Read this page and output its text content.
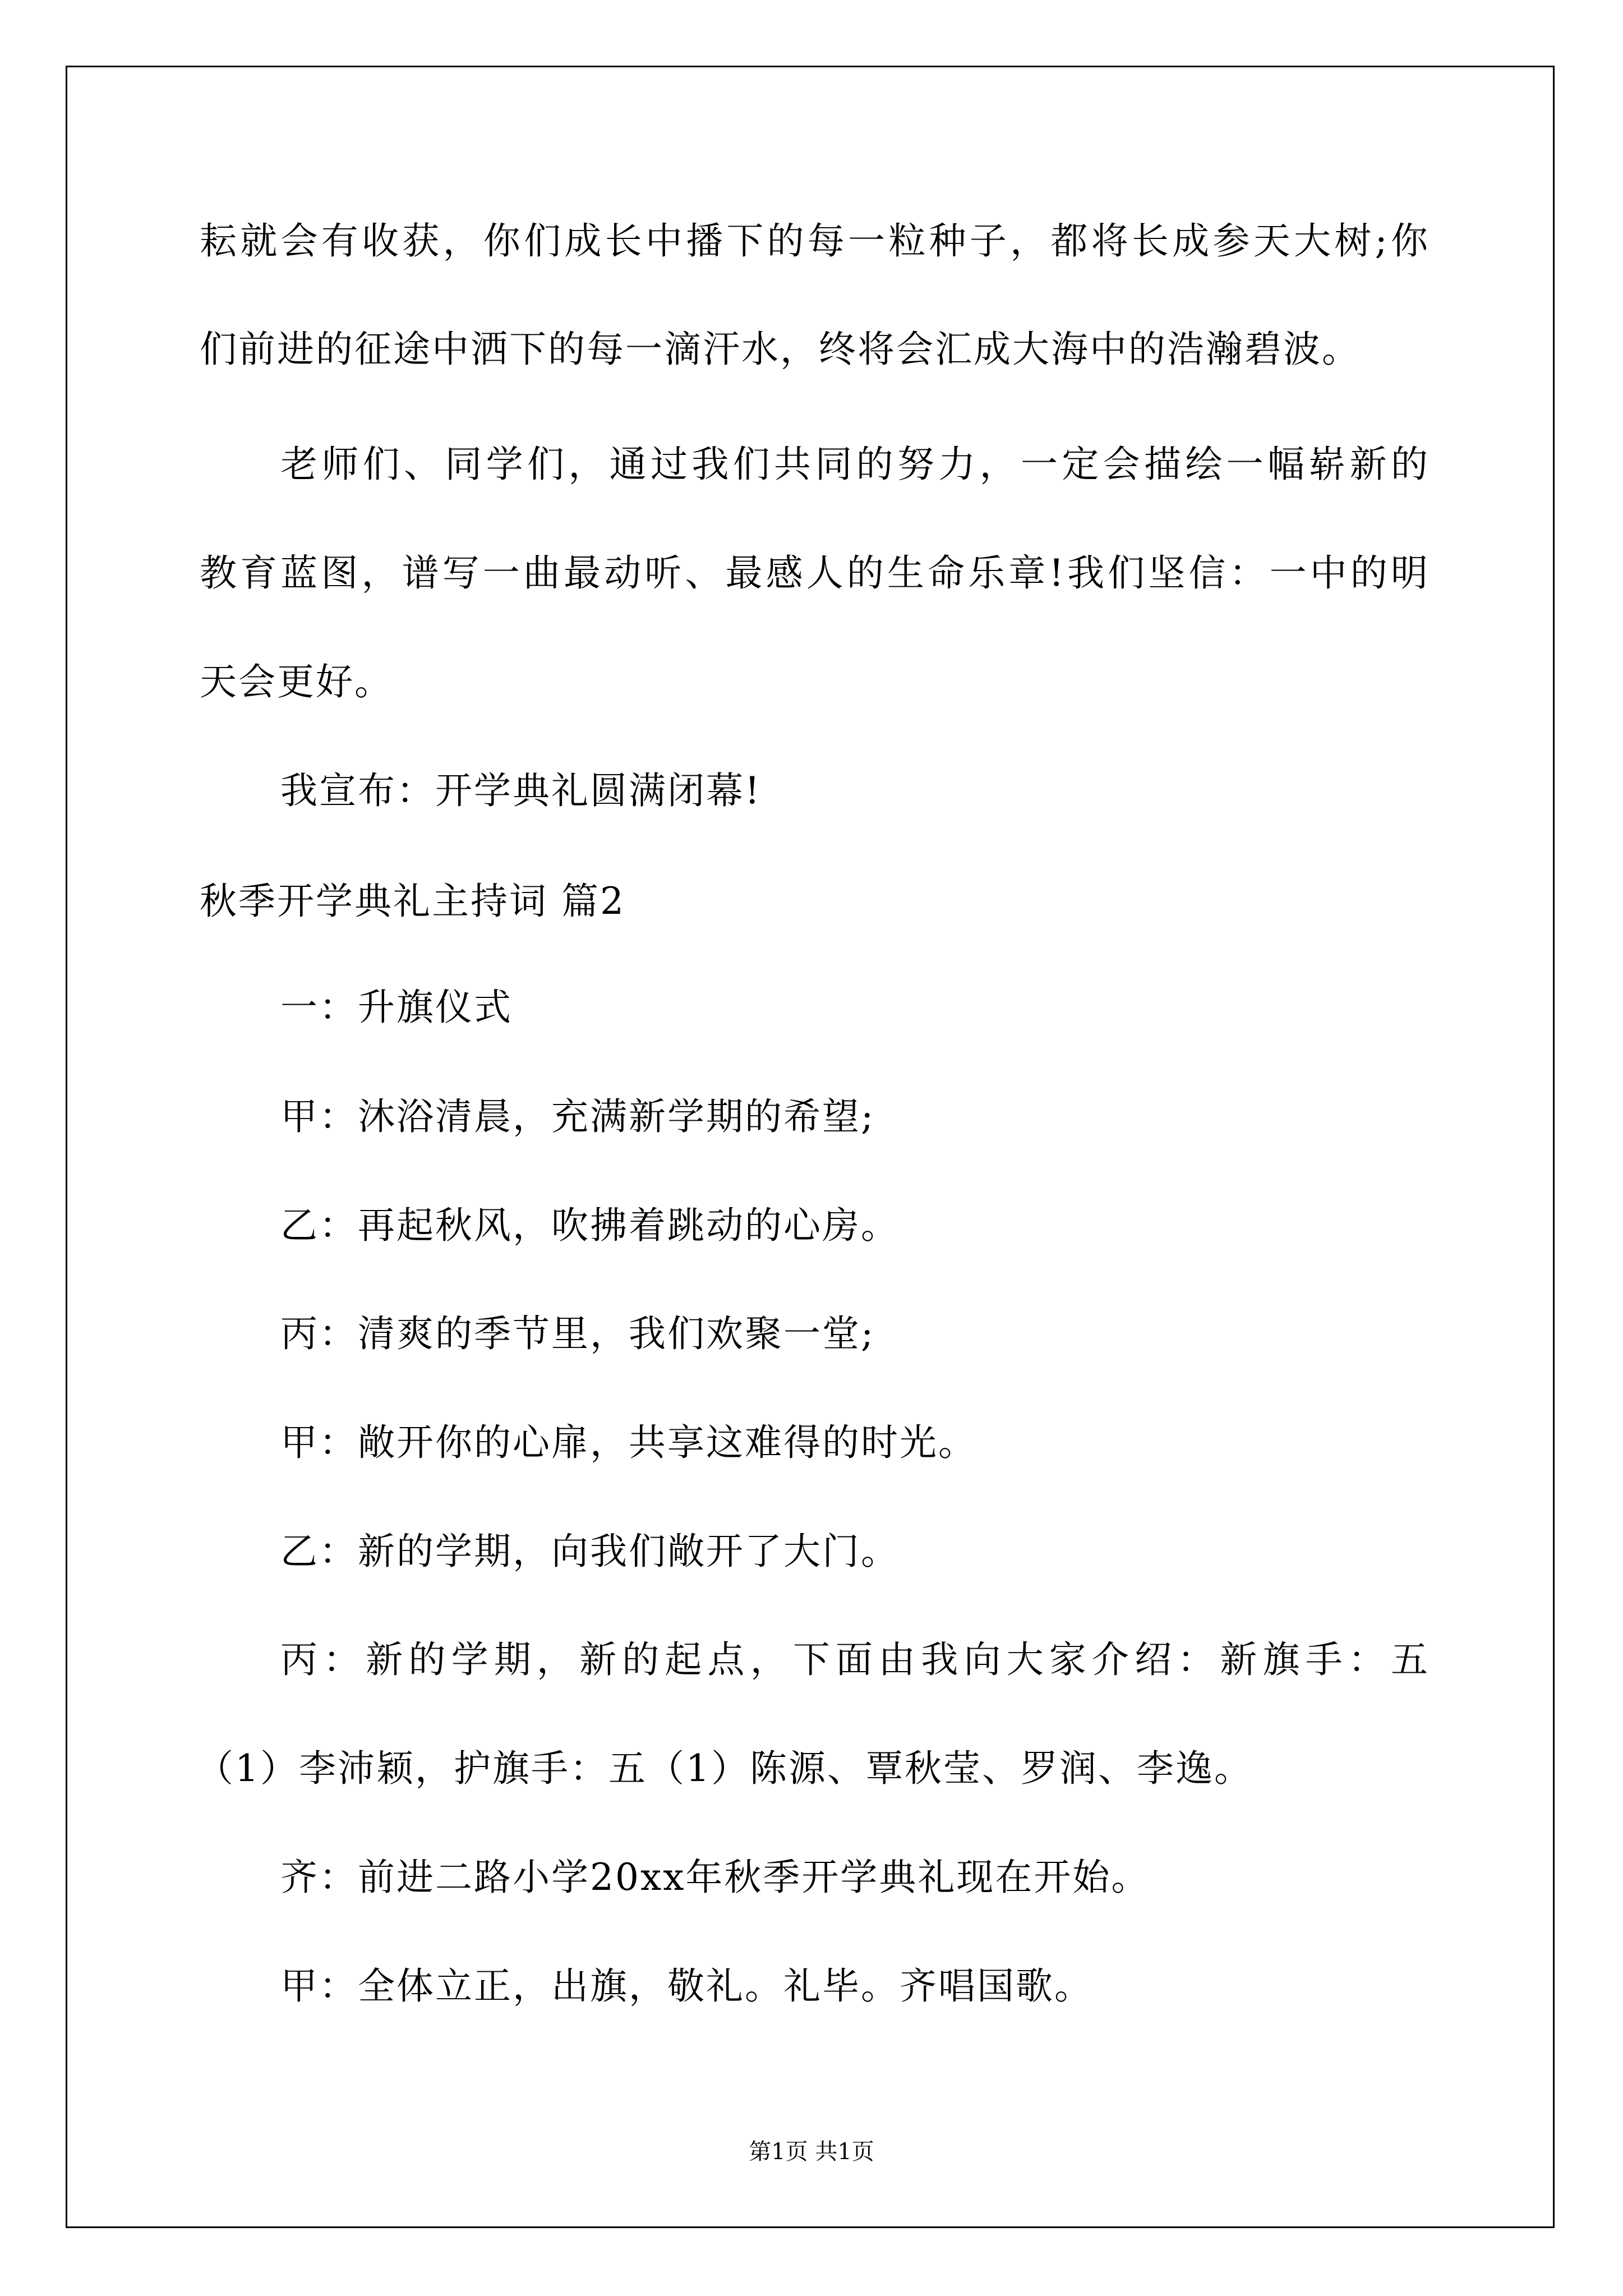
耘就会有收获，你们成长中播下的每一粒种子，都将长成参天大树;你
们前进的征途中洒下的每一滴汗水，终将会汇成大海中的浩瀚碧波。
老师们、同学们，通过我们共同的努力，一定会描绘一幅崭新的
教育蓝图，谱写一曲最动听、最感人的生命乐章!我们坚信：一中的明
天会更好。
我宣布：开学典礼圆满闭幕!
秋季开学典礼主持词 篇2
一：升旗仪式
甲：沐浴清晨，充满新学期的希望;
乙：再起秋风，吹拂着跳动的心房。
丙：清爽的季节里，我们欢聚一堂;
甲：敞开你的心扉，共享这难得的时光。
乙：新的学期，向我们敞开了大门。
丙：新的学期，新的起点，下面由我向大家介绍：新旗手：五
（1）李沛颖，护旗手：五（1）陈源、覃秋莹、罗润、李逸。
齐：前进二路小学20xx年秋季开学典礼现在开始。
甲：全体立正，出旗，敬礼。礼毕。齐唱国歌。
第1页 共1页
